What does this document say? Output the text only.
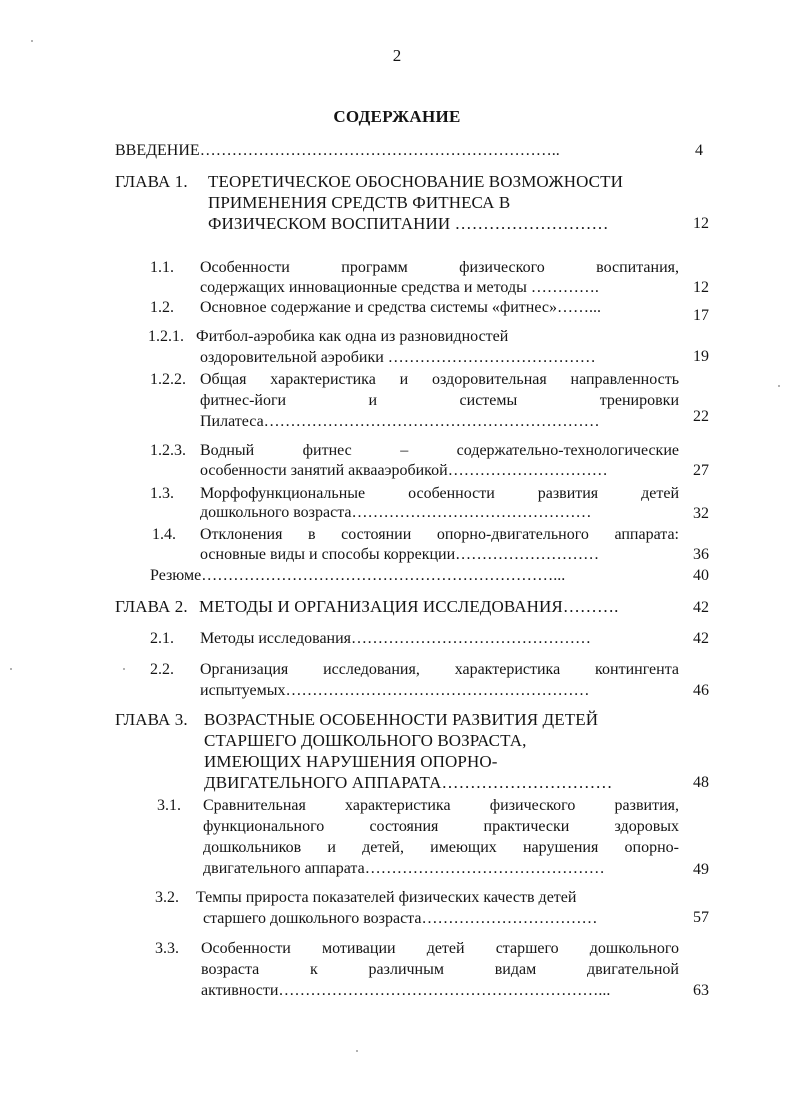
2
СОДЕРЖАНИЕ
ВВЕДЕНИЕ…………………………………………………………..	4
ГЛАВА 1. ТЕОРЕТИЧЕСКОЕ ОБОСНОВАНИЕ ВОЗМОЖНОСТИ
ПРИМЕНЕНИЯ СРЕДСТВ ФИТНЕСА В
ФИЗИЧЕСКОМ ВОСПИТАНИИ ………………………	12
1.1. Особенности программ физического воспитания,
содержащих инновационные средства и методы ………….	12
1.2. Основное содержание и средства системы «фитнес»……...	17
1.2.1. Фитбол-аэробика как одна из разновидностей
оздоровительной аэробики …………………………………	19
1.2.2. Общая характеристика и оздоровительная направленность
фитнес-йоги и системы тренировки
Пилатеса………………………………………………………	22
1.2.3. Водный фитнес – содержательно-технологические
особенности занятий аквааэробикой…………………………	27
1.3. Морфофункциональные особенности развития детей
дошкольного возраста………………………………………	32
1.4. Отклонения в состоянии опорно-двигательного аппарата:
основные виды и способы коррекции………………………	36
Резюме…………………………………………………………...	40
ГЛАВА 2. МЕТОДЫ И ОРГАНИЗАЦИЯ ИССЛЕДОВАНИЯ……….	42
2.1. Методы исследования………………………………………	42
2.2. Организация исследования, характеристика контингента
испытуемых…………………………………………………	46
ГЛАВА 3. ВОЗРАСТНЫЕ ОСОБЕННОСТИ РАЗВИТИЯ ДЕТЕЙ
СТАРШЕГО ДОШКОЛЬНОГО ВОЗРАСТА,
ИМЕЮЩИХ НАРУШЕНИЯ ОПОРНО-
ДВИГАТЕЛЬНОГО АППАРАТА…………………………	48
3.1. Сравнительная характеристика физического развития,
функционального состояния практически здоровых
дошкольников и детей, имеющих нарушения опорно-
двигательного аппарата………………………………………	49
3.2. Темпы прироста показателей физических качеств детей
старшего дошкольного возраста……………………………	57
3.3. Особенности мотивации детей старшего дошкольного
возраста к различным видам двигательной
активности……………………………………………………...	63
